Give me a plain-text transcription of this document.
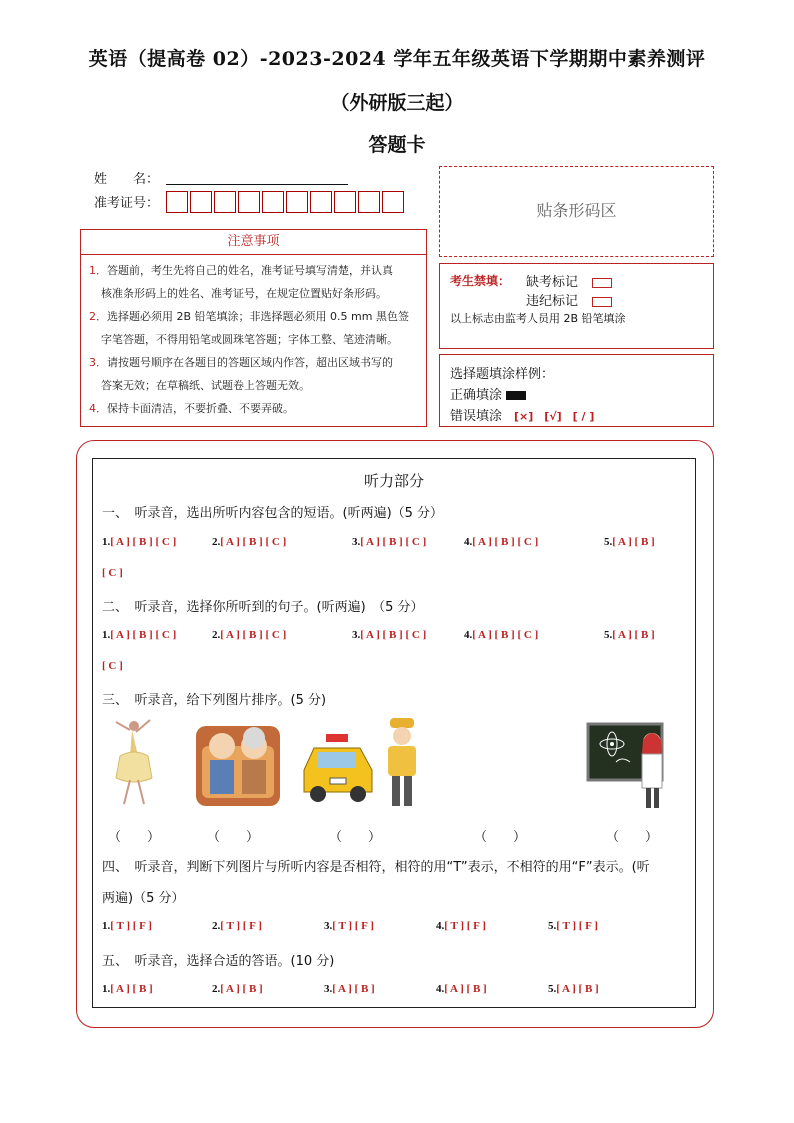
英语（提高卷 02）-2023-2024 学年五年级英语下学期期中素养测评
（外研版三起）
答题卡
姓　　名：
准考证号：
注意事项
1．答题前，考生先将自己的姓名，准考证号填写清楚，并认真
核准条形码上的姓名、准考证号，在规定位置贴好条形码。
2．选择题必须用 2B 铅笔填涂；非选择题必须用 0.5 mm 黑色签
字笔答题，不得用铅笔或圆珠笔答题；字体工整、笔迹清晰。
3．请按题号顺序在各题目的答题区域内作答，超出区域书写的
答案无效；在草稿纸、试题卷上答题无效。
4．保持卡面清洁，不要折叠、不要弄破。
贴条形码区
考生禁填： 缺考标记
违纪标记
以上标志由监考人员用 2B 铅笔填涂
选择题填涂样例：
正确填涂
错误填涂 [×]　[√]　[ / ]
听力部分
一、　听录音，选出所听内容包含的短语。(听两遍)（5 分）
1.[ A ] [ B ] [ C ]	2.[ A ] [ B ] [ C ]	3.[ A ] [ B ] [ C ]	4.[ A ] [ B ] [ C ]	5.[ A ] [ B ]
[ C ]
二、　听录音，选择你所听到的句子。(听两遍)　（5 分）
1.[ A ] [ B ] [ C ]	2.[ A ] [ B ] [ C ]	3.[ A ] [ B ] [ C ]	4.[ A ] [ B ] [ C ]	5.[ A ] [ B ]
[ C ]
三、　听录音，给下列图片排序。(5 分)
（　　）	（　　）	（　　）	（　　）	（　　）
四、　听录音，判断下列图片与所听内容是否相符，相符的用“T”表示，不相符的用“F”表示。(听
两遍)（5 分）
1.[ T ] [ F ]	2.[ T ] [ F ]	3.[ T ] [ F ]	4.[ T ] [ F ]	5.[ T ] [ F ]
五、　听录音，选择合适的答语。(10 分)
1.[ A ] [ B ]	2.[ A ] [ B ]	3.[ A ] [ B ]	4.[ A ] [ B ]	5.[ A ] [ B ]
